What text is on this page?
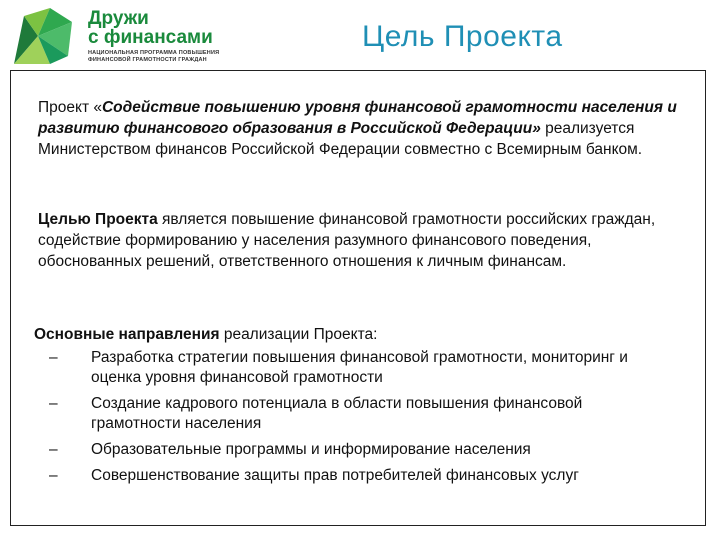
Дружи
с финансами
НАЦИОНАЛЬНАЯ ПРОГРАММА ПОВЫШЕНИЯ
ФИНАНСОВОЙ ГРАМОТНОСТИ ГРАЖДАН
Цель Проекта

Проект «Содействие повышению уровня финансовой грамотности населения и развитию финансового образования в Российской Федерации» реализуется Министерством финансов Российской Федерации совместно с Всемирным банком.

Целью Проекта является повышение финансовой грамотности российских граждан, содействие формированию у населения разумного финансового поведения, обоснованных решений, ответственного отношения к личным финансам.

Основные направления реализации Проекта:
– Разработка стратегии повышения финансовой грамотности, мониторинг и оценка уровня финансовой грамотности
– Создание кадрового потенциала в области повышения финансовой грамотности населения
– Образовательные программы и информирование населения
– Совершенствование защиты прав потребителей финансовых услуг
